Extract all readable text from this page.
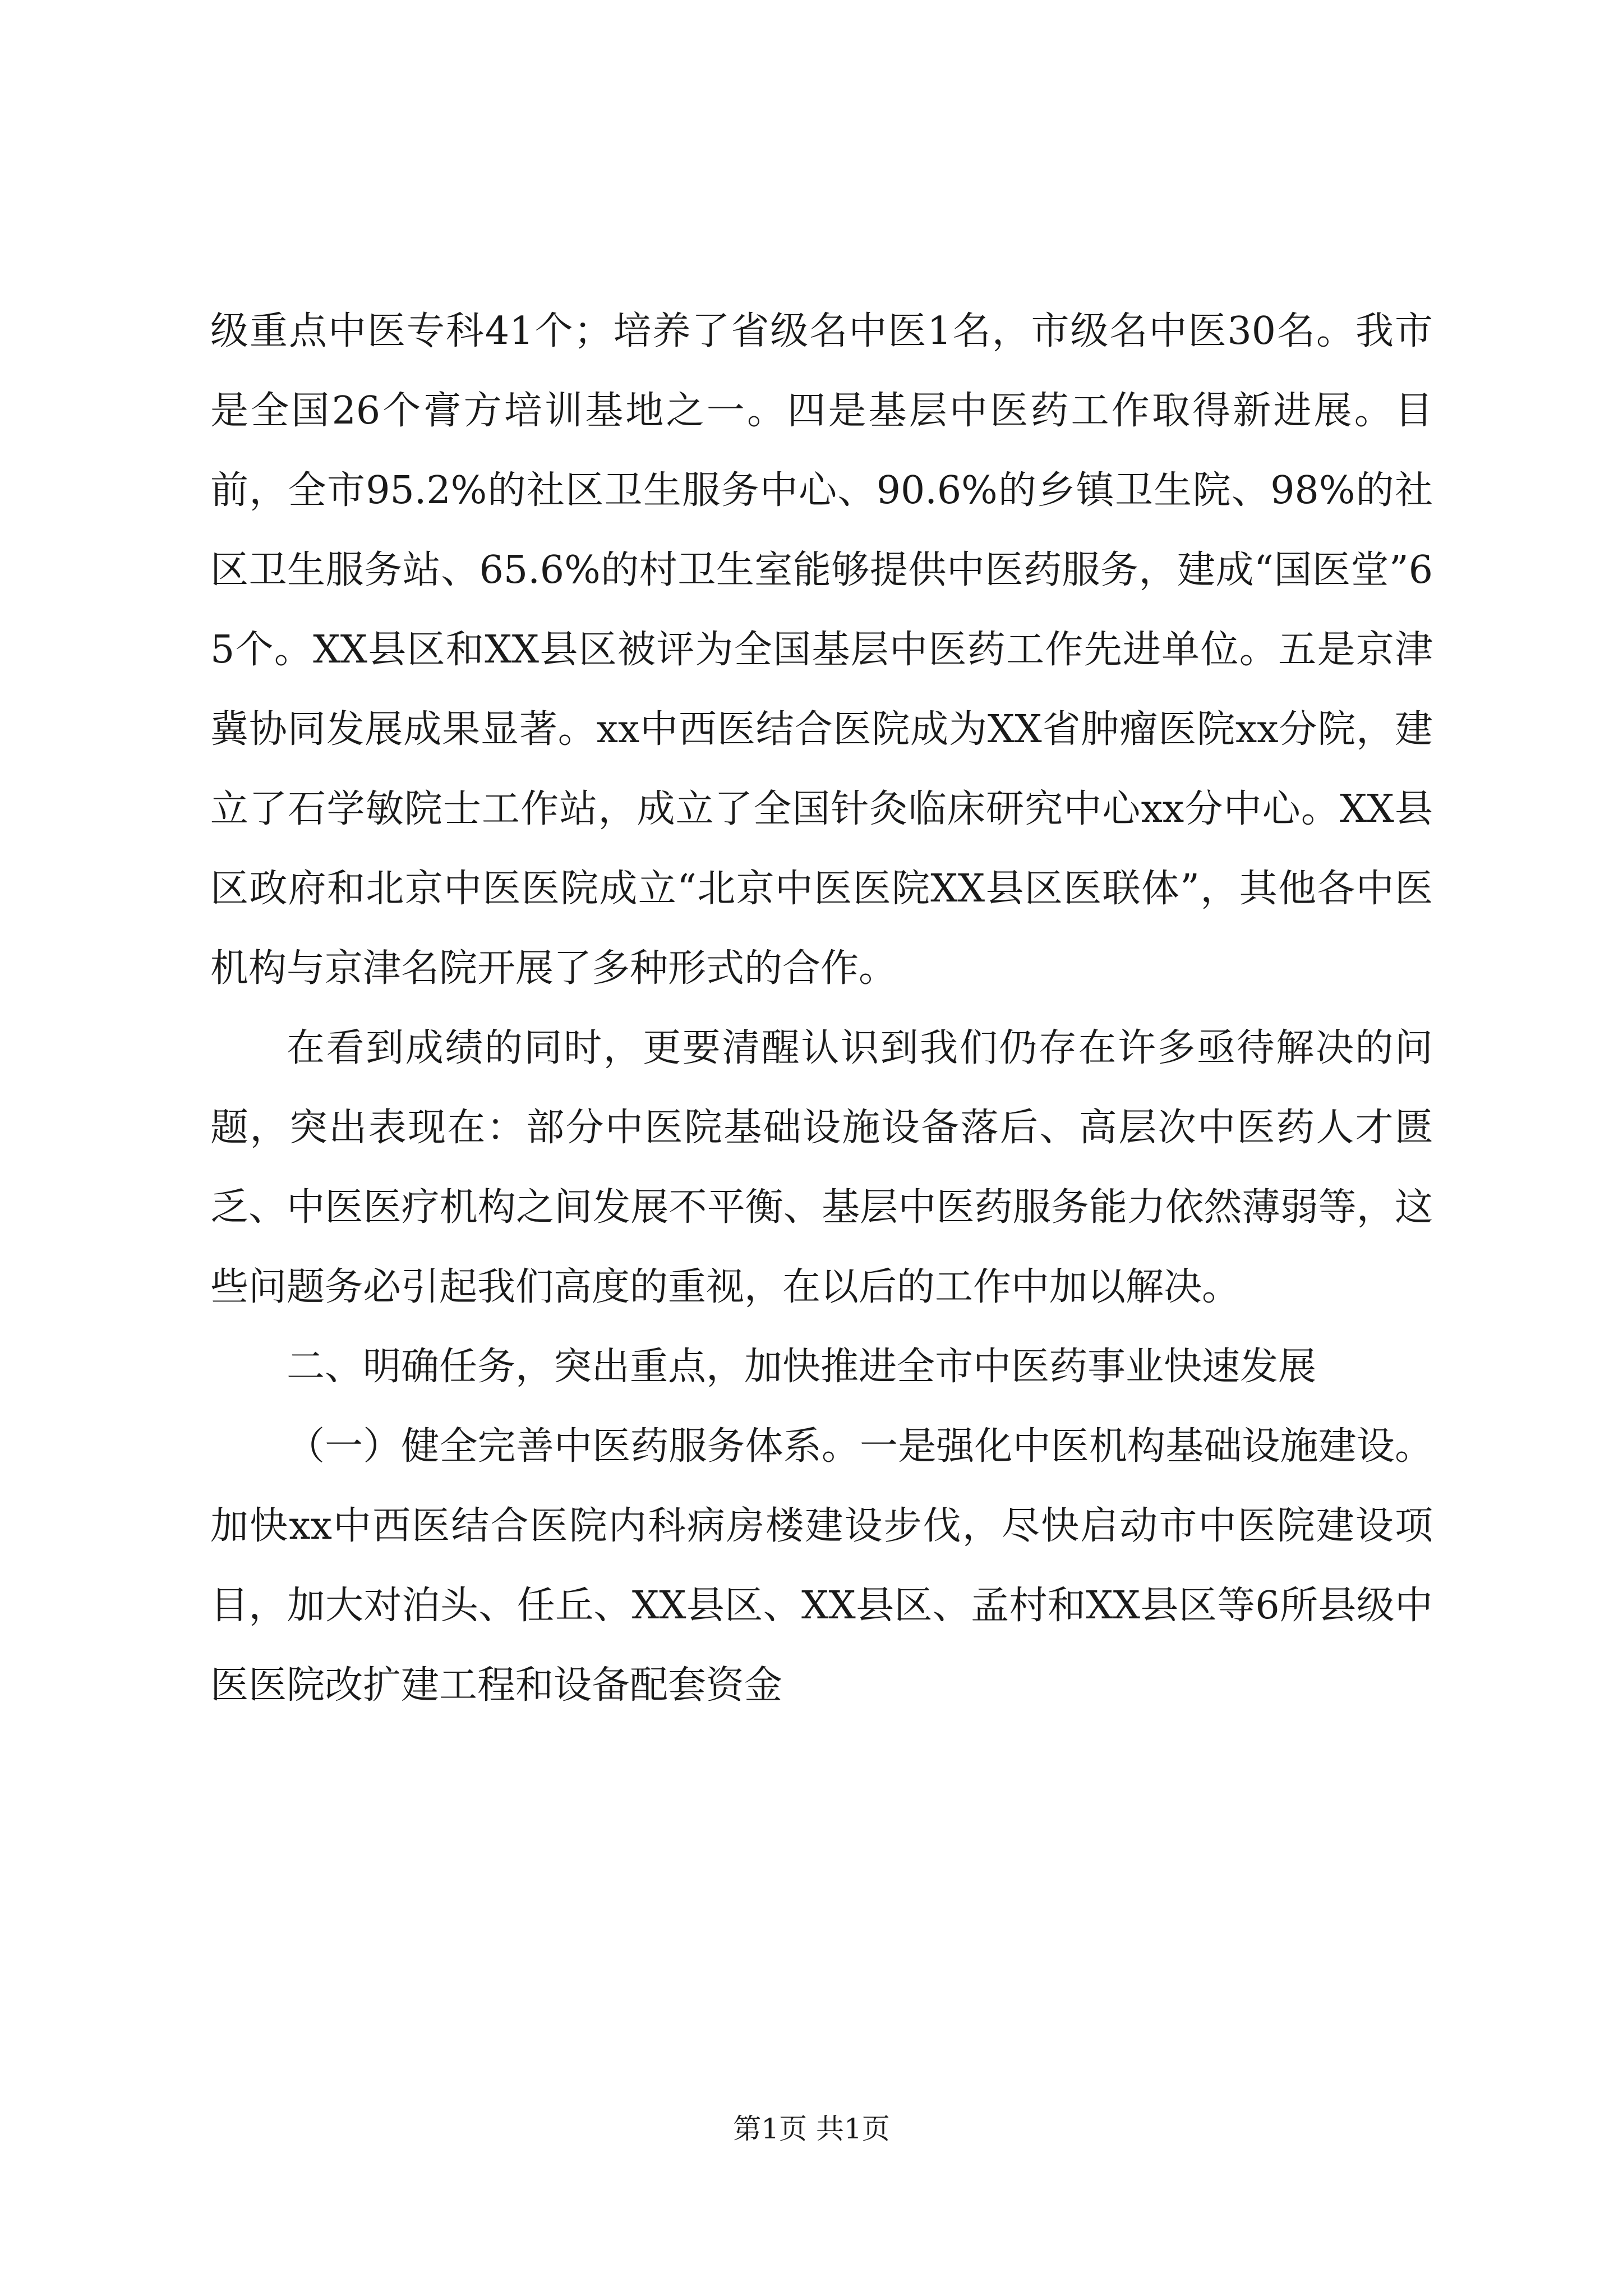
级重点中医专科41个；培养了省级名中医1名，市级名中医30名。我市是全国26个膏方培训基地之一。四是基层中医药工作取得新进展。目前，全市95.2%的社区卫生服务中心、90.6%的乡镇卫生院、98%的社区卫生服务站、65.6%的村卫生室能够提供中医药服务，建成“国医堂”65个。XX县区和XX县区被评为全国基层中医药工作先进单位。五是京津冀协同发展成果显著。xx中西医结合医院成为XX省肿瘤医院xx分院，建立了石学敏院士工作站，成立了全国针灸临床研究中心xx分中心。XX县区政府和北京中医医院成立“北京中医医院XX县区医联体”，其他各中医机构与京津名院开展了多种形式的合作。

在看到成绩的同时，更要清醒认识到我们仍存在许多亟待解决的问题，突出表现在：部分中医院基础设施设备落后、高层次中医药人才匮乏、中医医疗机构之间发展不平衡、基层中医药服务能力依然薄弱等，这些问题务必引起我们高度的重视，在以后的工作中加以解决。

二、明确任务，突出重点，加快推进全市中医药事业快速发展

（一）健全完善中医药服务体系。一是强化中医机构基础设施建设。加快xx中西医结合医院内科病房楼建设步伐，尽快启动市中医院建设项目，加大对泊头、任丘、XX县区、XX县区、孟村和XX县区等6所县级中医医院改扩建工程和设备配套资金

第1页 共1页
